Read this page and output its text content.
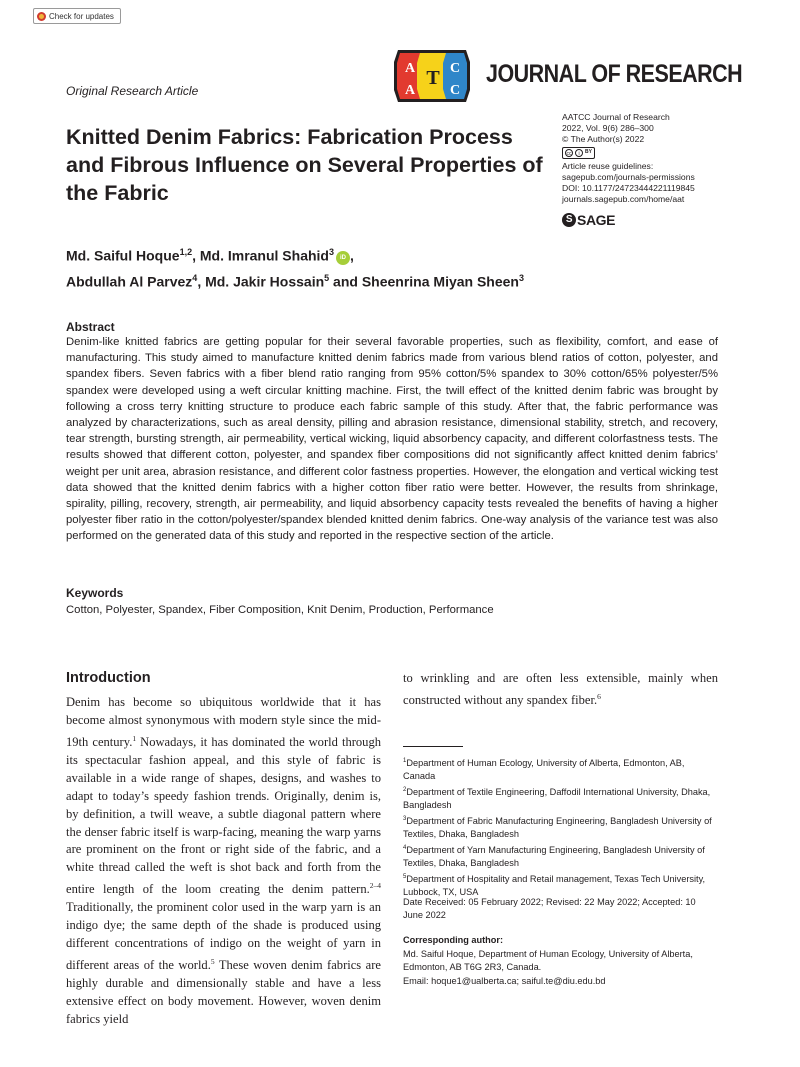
Check for updates
Original Research Article
A
A
T C
C
JOURNAL OF RESEARCH
AATCC Journal of Research
2022, Vol. 9(6) 286–300
© The Author(s) 2022
cc	i	BY
Article reuse guidelines:
sagepub.com/journals-permissions
DOI: 10.1177/24723444221119845
journals.sagepub.com/home/aat
S SAGE
Knitted Denim Fabrics: Fabrication Process and Fibrous Influence on Several Properties of the Fabric
Md. Saiful Hoque$^{1,2}$, Md. Imranul Shahid$^3$iD ,
Abdullah Al Parvez$^4$, Md. Jakir Hossain$^5$ and Sheenrina Miyan Sheen$^3$
Abstract

Denim-like knitted fabrics are getting popular for their several favorable properties, such as flexibility, comfort, and ease of manufacturing. This study aimed to manufacture knitted denim fabrics made from various blend ratios of cotton, polyester, and spandex fibers. Seven fabrics with a fiber blend ratio ranging from 95% cotton/5% spandex to 30% cotton/65% polyester/5% spandex were developed using a weft circular knitting machine. First, the twill effect of the knitted denim fabric was brought by following a cross terry knitting structure to produce each fabric sample of this study. After that, the fabric performance was analyzed by characterizations, such as areal density, pilling and abrasion resistance, dimensional stability, stretch, and recovery, tear strength, bursting strength, air permeability, vertical wicking, liquid absorbency capacity, and different colorfastness tests. The results showed that different cotton, polyester, and spandex fiber compositions did not significantly affect knitted denim fabrics’ weight per unit area, abrasion resistance, and different color fastness properties. However, the elongation and vertical wicking test data showed that the knitted denim fabrics with a higher cotton fiber ratio were better. However, the results from shrinkage, spirality, pilling, recovery, strength, air permeability, and liquid absorbency capacity tests revealed the benefits of having a higher polyester fiber ratio in the cotton/polyester/spandex blended knitted denim fabrics. One-way analysis of the variance test was also performed on the generated data of this study and reported in the respective section of the article.

Keywords
Cotton, Polyester, Spandex, Fiber Composition, Knit Denim, Production, Performance
Introduction

Denim has become so ubiquitous worldwide that it has become almost synonymous with modern style since the mid-19th century.$^1$ Nowadays, it has dominated the world through its spectacular fashion appeal, and this style of fabric is available in a wide range of shapes, designs, and washes to adapt to today’s speedy fashion trends. Originally, denim is, by definition, a twill weave, a subtle diagonal pattern where the denser fabric itself is warp-facing, meaning the warp yarns are prominent on the front or right side of the fabric, and a white thread called the weft is shot back and forth from the entire length of the loom creating the denim pattern.$^{2-4}$ Traditionally, the prominent color used in the warp yarn is an indigo dye; the same depth of the shade is produced using different concentrations of indigo on the weight of yarn in different areas of the world.$^5$ These woven denim fabrics are highly durable and dimensionally stable and have a less extensive effect on body movement. However, woven denim fabrics yield

to wrinkling and are often less extensible, mainly when constructed without any spandex fiber.$^6$

$^1$Department of Human Ecology, University of Alberta, Edmonton, AB, Canada

$^2$Department of Textile Engineering, Daffodil International University, Dhaka, Bangladesh

$^3$Department of Fabric Manufacturing Engineering, Bangladesh University of Textiles, Dhaka, Bangladesh

$^4$Department of Yarn Manufacturing Engineering, Bangladesh University of Textiles, Dhaka, Bangladesh

$^5$Department of Hospitality and Retail management, Texas Tech University, Lubbock, TX, USA

Date Received: 05 February 2022; Revised: 22 May 2022; Accepted: 10 June 2022
Corresponding author:
Md. Saiful Hoque, Department of Human Ecology, University of Alberta, Edmonton, AB T6G 2R3, Canada.
Email: hoque1@ualberta.ca; saiful.te@diu.edu.bd
